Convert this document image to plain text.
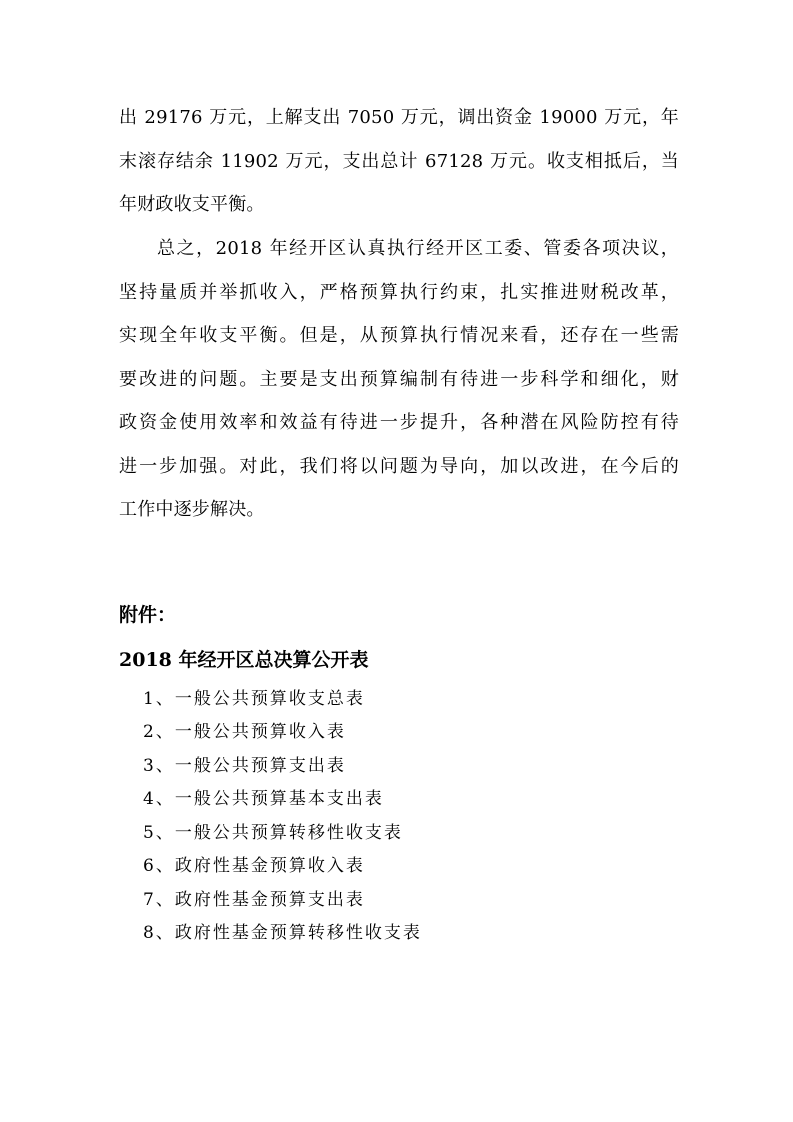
出 29176 万元，上解支出 7050 万元，调出资金 19000 万元，年
末滚存结余 11902 万元，支出总计 67128 万元。收支相抵后，当
年财政收支平衡。
总之，2018 年经开区认真执行经开区工委、管委各项决议，
坚持量质并举抓收入，严格预算执行约束，扎实推进财税改革，
实现全年收支平衡。但是，从预算执行情况来看，还存在一些需
要改进的问题。主要是支出预算编制有待进一步科学和细化，财
政资金使用效率和效益有待进一步提升，各种潜在风险防控有待
进一步加强。对此，我们将以问题为导向，加以改进，在今后的
工作中逐步解决。
附件：
2018 年经开区总决算公开表
1、一般公共预算收支总表
2、一般公共预算收入表
3、一般公共预算支出表
4、一般公共预算基本支出表
5、一般公共预算转移性收支表
6、政府性基金预算收入表
7、政府性基金预算支出表
8、政府性基金预算转移性收支表
